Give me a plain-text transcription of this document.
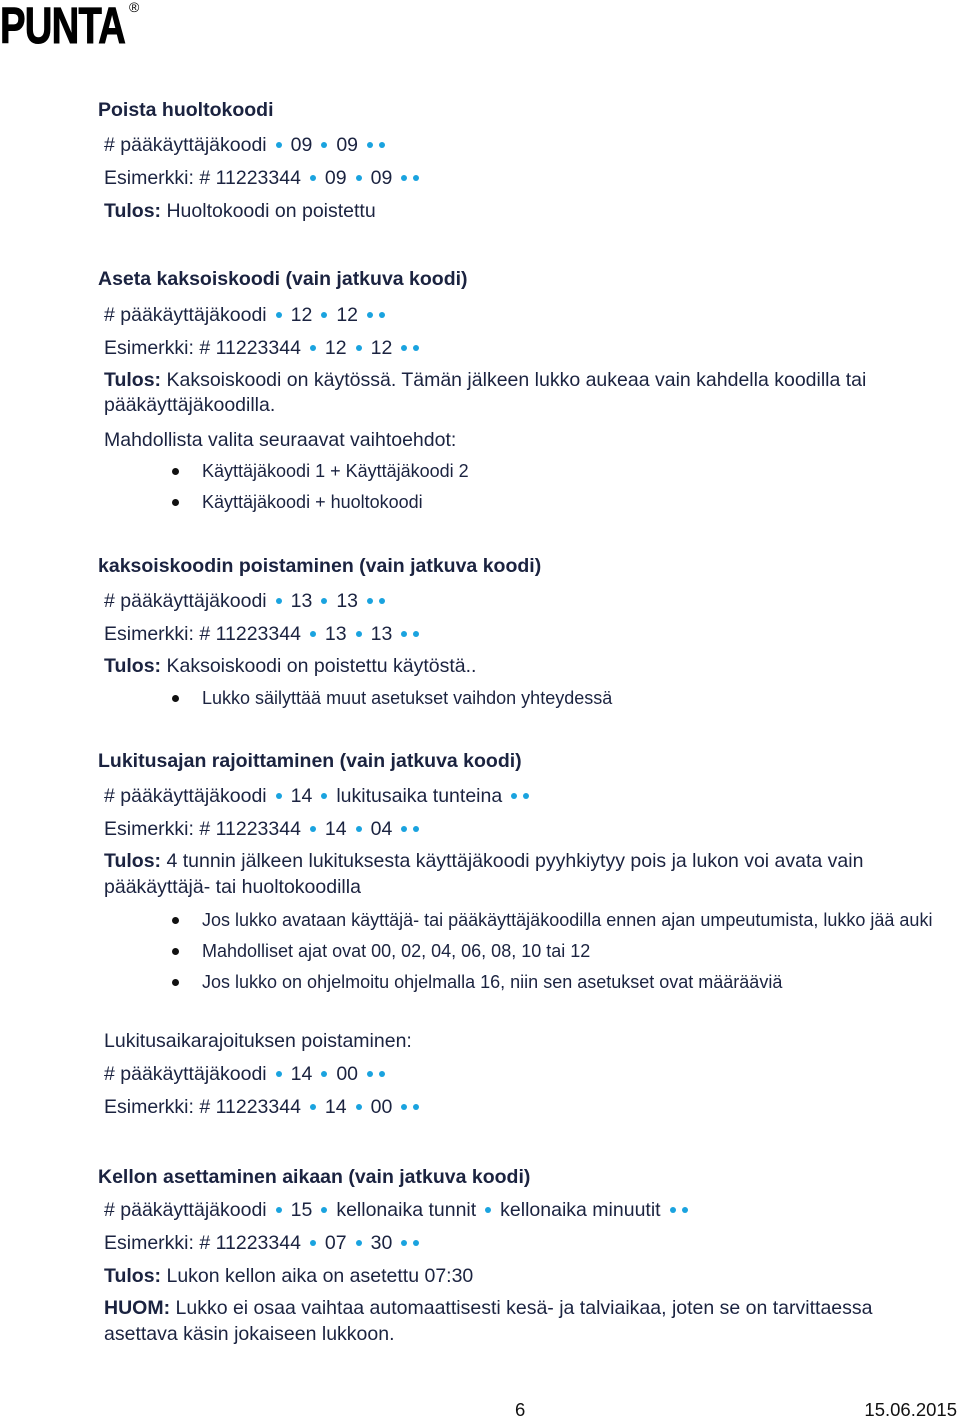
PUNTA ®
Poista huoltokoodi
# pääkäyttäjäkoodi 09 09
Esimerkki: # 11223344 09 09
Tulos: Huoltokoodi on poistettu
Aseta kaksoiskoodi (vain jatkuva koodi)
# pääkäyttäjäkoodi 12 12
Esimerkki: # 11223344 12 12
Tulos: Kaksoiskoodi on käytössä. Tämän jälkeen lukko aukeaa vain kahdella koodilla tai
pääkäyttäjäkoodilla.
Mahdollista valita seuraavat vaihtoehdot:
Käyttäjäkoodi 1 + Käyttäjäkoodi 2
Käyttäjäkoodi + huoltokoodi
kaksoiskoodin poistaminen (vain jatkuva koodi)
# pääkäyttäjäkoodi 13 13
Esimerkki: # 11223344 13 13
Tulos: Kaksoiskoodi on poistettu käytöstä..
Lukko säilyttää muut asetukset vaihdon yhteydessä
Lukitusajan rajoittaminen (vain jatkuva koodi)
# pääkäyttäjäkoodi 14 lukitusaika tunteina
Esimerkki: # 11223344 14 04
Tulos: 4 tunnin jälkeen lukituksesta käyttäjäkoodi pyyhkiytyy pois ja lukon voi avata vain
pääkäyttäjä- tai huoltokoodilla
Jos lukko avataan käyttäjä- tai pääkäyttäjäkoodilla ennen ajan umpeutumista, lukko jää auki
Mahdolliset ajat ovat 00, 02, 04, 06, 08, 10 tai 12
Jos lukko on ohjelmoitu ohjelmalla 16, niin sen asetukset ovat määrääviä
Lukitusaikarajoituksen poistaminen:
# pääkäyttäjäkoodi 14 00
Esimerkki: # 11223344 14 00
Kellon asettaminen aikaan (vain jatkuva koodi)
# pääkäyttäjäkoodi 15 kellonaika tunnit kellonaika minuutit
Esimerkki: # 11223344 07 30
Tulos: Lukon kellon aika on asetettu 07:30
HUOM: Lukko ei osaa vaihtaa automaattisesti kesä- ja talviaikaa, joten se on tarvittaessa
asettava käsin jokaiseen lukkoon.
6	15.06.2015
